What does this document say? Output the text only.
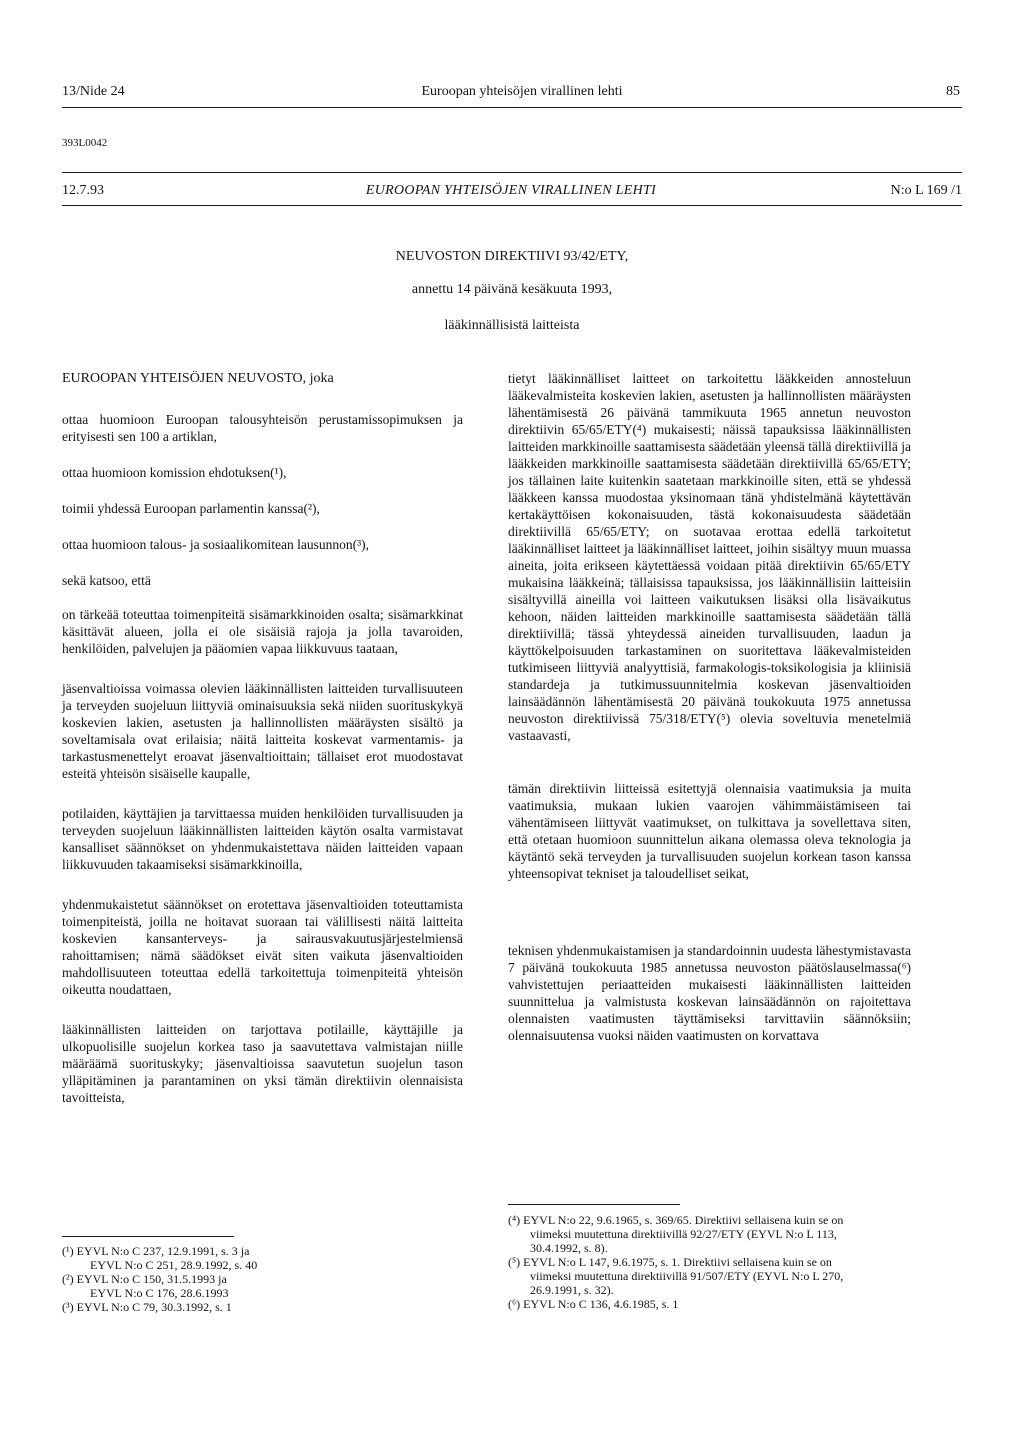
13/Nide 24	Euroopan yhteisöjen virallinen lehti	85
393L0042
12.7.93	EUROOPAN YHTEISÖJEN VIRALLINEN LEHTI	N:o L 169 /1
NEUVOSTON DIREKTIIVI 93/42/ETY,
annettu 14 päivänä kesäkuuta 1993,
lääkinnällisistä laitteista

EUROOPAN YHTEISÖJEN NEUVOSTO, joka

ottaa huomioon Euroopan talousyhteisön perustamissopimuksen ja erityisesti sen 100 a artiklan,

ottaa huomioon komission ehdotuksen(¹),

toimii yhdessä Euroopan parlamentin kanssa(²),

ottaa huomioon talous- ja sosiaalikomitean lausunnon(³),

sekä katsoo, että

on tärkeää toteuttaa toimenpiteitä sisämarkkinoiden osalta; sisämarkkinat käsittävät alueen, jolla ei ole sisäisiä rajoja ja jolla tavaroiden, henkilöiden, palvelujen ja pääomien vapaa liikkuvuus taataan,

jäsenvaltioissa voimassa olevien lääkinnällisten laitteiden turvallisuuteen ja terveyden suojeluun liittyviä ominaisuuksia sekä niiden suorituskykyä koskevien lakien, asetusten ja hallinnollisten määräysten sisältö ja soveltamisala ovat erilaisia; näitä laitteita koskevat varmentamis- ja tarkastusmenettelyt eroavat jäsenvaltioittain; tällaiset erot muodostavat esteitä yhteisön sisäiselle kaupalle,

potilaiden, käyttäjien ja tarvittaessa muiden henkilöiden turvallisuuden ja terveyden suojeluun lääkinnällisten laitteiden käytön osalta varmistavat kansalliset säännökset on yhdenmukaistettava näiden laitteiden vapaan liikkuvuuden takaamiseksi sisämarkkinoilla,

yhdenmukaistetut säännökset on erotettava jäsenvaltioiden toteuttamista toimenpiteistä, joilla ne hoitavat suoraan tai välillisesti näitä laitteita koskevien kansanterveys- ja sairausvakuutusjärjestelmiensä rahoittamisen; nämä säädökset eivät siten vaikuta jäsenvaltioiden mahdollisuuteen toteuttaa edellä tarkoitettuja toimenpiteitä yhteisön oikeutta noudattaen,

lääkinnällisten laitteiden on tarjottava potilaille, käyttäjille ja ulkopuolisille suojelun korkea taso ja saavutettava valmistajan niille määräämä suorituskyky; jäsenvaltioissa saavutetun suojelun tason ylläpitäminen ja parantaminen on yksi tämän direktiivin olennaisista tavoitteista,

(¹) EYVL N:o C 237, 12.9.1991, s. 3 ja
EYVL N:o C 251, 28.9.1992, s. 40
(²) EYVL N:o C 150, 31.5.1993 ja
EYVL N:o C 176, 28.6.1993
(³) EYVL N:o C 79, 30.3.1992, s. 1

tietyt lääkinnälliset laitteet on tarkoitettu lääkkeiden annosteluun lääkevalmisteita koskevien lakien, asetusten ja hallinnollisten määräysten lähentämisestä 26 päivänä tammikuuta 1965 annetun neuvoston direktiivin 65/65/ETY(⁴) mukaisesti; näissä tapauksissa lääkinnällisten laitteiden markkinoille saattamisesta säädetään yleensä tällä direktiivillä ja lääkkeiden markkinoille saattamisesta säädetään direktiivillä 65/65/ETY; jos tällainen laite kuitenkin saatetaan markkinoille siten, että se yhdessä lääkkeen kanssa muodostaa yksinomaan tänä yhdistelmänä käytettävän kertakäyttöisen kokonaisuuden, tästä kokonaisuudesta säädetään direktiivillä 65/65/ETY; on suotavaa erottaa edellä tarkoitetut lääkinnälliset laitteet ja lääkinnälliset laitteet, joihin sisältyy muun muassa aineita, joita erikseen käytettäessä voidaan pitää direktiivin 65/65/ETY mukaisina lääkkeinä; tällaisissa tapauksissa, jos lääkinnällisiin laitteisiin sisältyvillä aineilla voi laitteen vaikutuksen lisäksi olla lisävaikutus kehoon, näiden laitteiden markkinoille saattamisesta säädetään tällä direktiivillä; tässä yhteydessä aineiden turvallisuuden, laadun ja käyttökelpoisuuden tarkastaminen on suoritettava lääkevalmisteiden tutkimiseen liittyviä analyyttisiä, farmakologis-toksikologisia ja kliinisiä standardeja ja tutkimussuunnitelmia koskevan jäsenvaltioiden lainsäädännön lähentämisestä 20 päivänä toukokuuta 1975 annetussa neuvoston direktiivissä 75/318/ETY(⁵) olevia soveltuvia menetelmiä vastaavasti,

tämän direktiivin liitteissä esitettyjä olennaisia vaatimuksia ja muita vaatimuksia, mukaan lukien vaarojen vähimmäistämiseen tai vähentämiseen liittyvät vaatimukset, on tulkittava ja sovellettava siten, että otetaan huomioon suunnittelun aikana olemassa oleva teknologia ja käytäntö sekä terveyden ja turvallisuuden suojelun korkean tason kanssa yhteensopivat tekniset ja taloudelliset seikat,

teknisen yhdenmukaistamisen ja standardoinnin uudesta lähestymistavasta 7 päivänä toukokuuta 1985 annetussa neuvoston päätöslauselmassa(⁶) vahvistettujen periaatteiden mukaisesti lääkinnällisten laitteiden suunnittelua ja valmistusta koskevan lainsäädännön on rajoitettava olennaisten vaatimusten täyttämiseksi tarvittaviin säännöksiin; olennaisuutensa vuoksi näiden vaatimusten on korvattava

(⁴) EYVL N:o 22, 9.6.1965, s. 369/65. Direktiivi sellaisena kuin se on
viimeksi muutettuna direktiivillä 92/27/ETY (EYVL N:o L 113,
30.4.1992, s. 8).
(⁵) EYVL N:o L 147, 9.6.1975, s. 1. Direktiivi sellaisena kuin se on
viimeksi muutettuna direktiivillä 91/507/ETY (EYVL N:o L 270,
26.9.1991, s. 32).
(⁶) EYVL N:o C 136, 4.6.1985, s. 1
